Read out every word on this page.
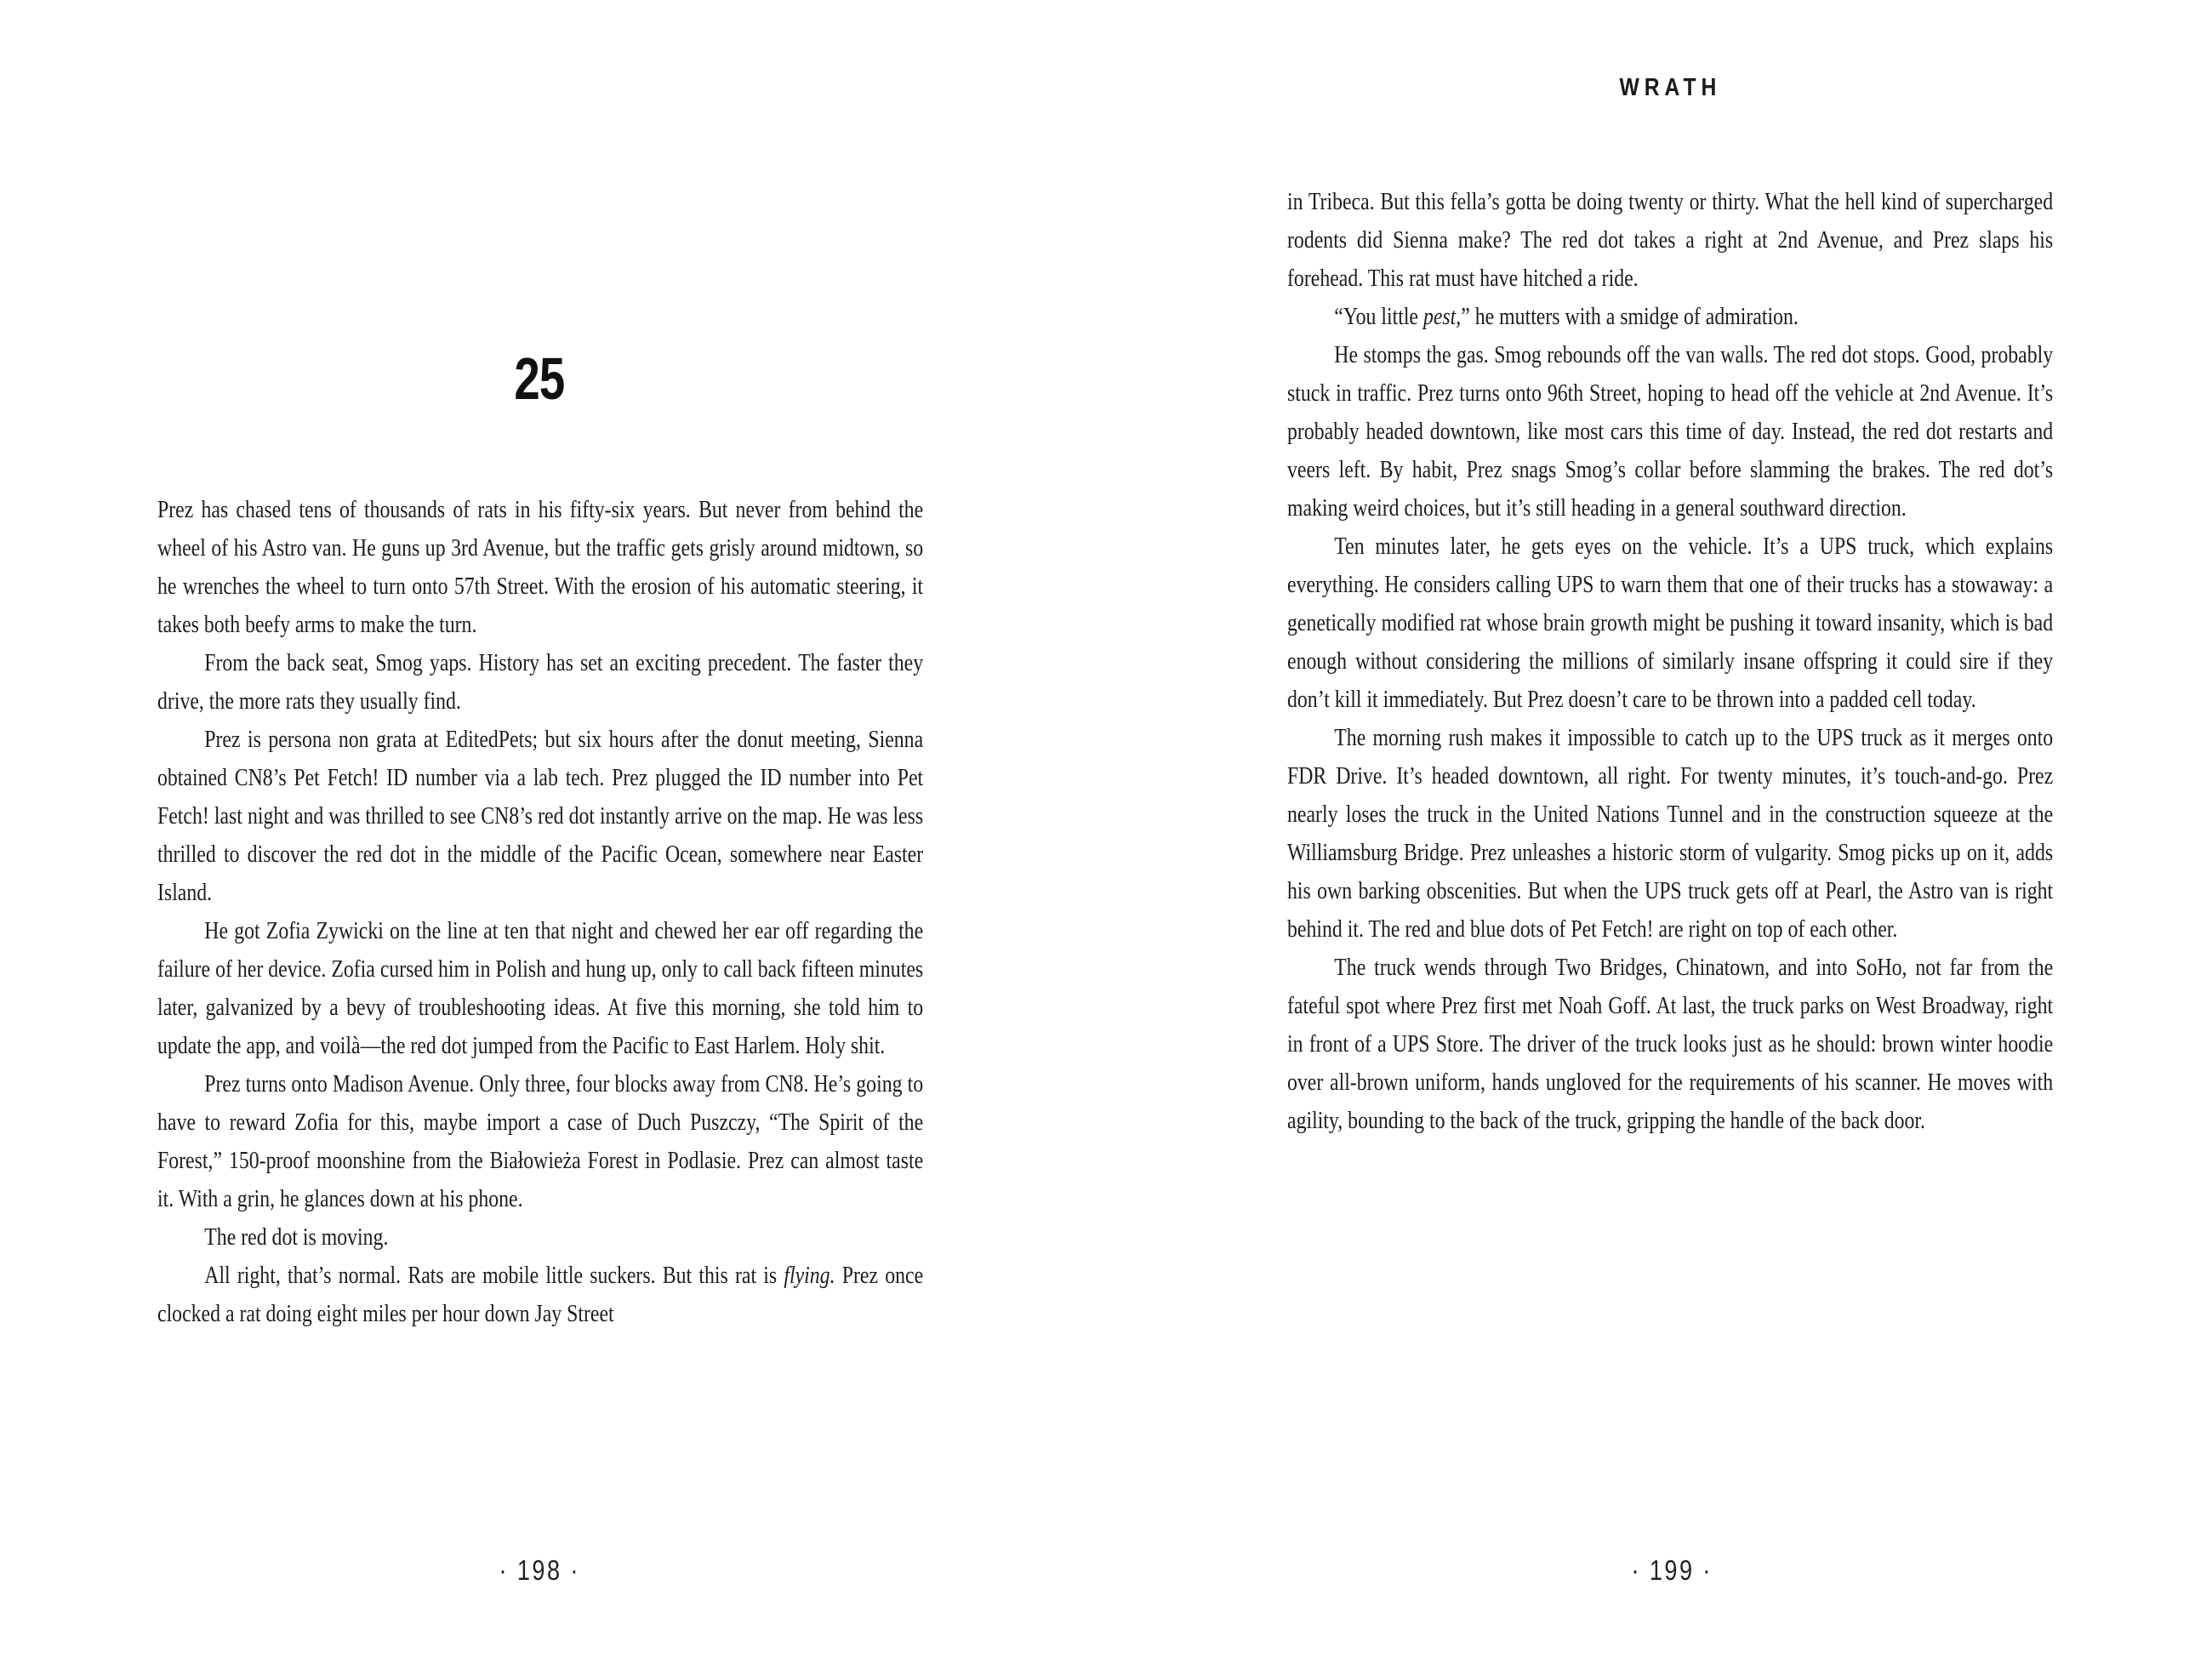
25

Prez has chased tens of thousands of rats in his fifty-six years. But never from behind the wheel of his Astro van. He guns up 3rd Avenue, but the traffic gets grisly around midtown, so he wrenches the wheel to turn onto 57th Street. With the erosion of his automatic steering, it takes both beefy arms to make the turn.

From the back seat, Smog yaps. History has set an exciting precedent. The faster they drive, the more rats they usually find.

Prez is persona non grata at EditedPets; but six hours after the donut meeting, Sienna obtained CN8’s Pet Fetch! ID number via a lab tech. Prez plugged the ID number into Pet Fetch! last night and was thrilled to see CN8’s red dot instantly arrive on the map. He was less thrilled to discover the red dot in the middle of the Pacific Ocean, somewhere near Easter Island.

He got Zofia Zywicki on the line at ten that night and chewed her ear off regarding the failure of her device. Zofia cursed him in Polish and hung up, only to call back fifteen minutes later, galvanized by a bevy of troubleshooting ideas. At five this morning, she told him to update the app, and voilà—the red dot jumped from the Pacific to East Harlem. Holy shit.

Prez turns onto Madison Avenue. Only three, four blocks away from CN8. He’s going to have to reward Zofia for this, maybe import a case of Duch Puszczy, “The Spirit of the Forest,” 150-proof moonshine from the Białowieża Forest in Podlasie. Prez can almost taste it. With a grin, he glances down at his phone.

The red dot is moving.

All right, that’s normal. Rats are mobile little suckers. But this rat is flying. Prez once clocked a rat doing eight miles per hour down Jay Street

· 198 ·
WRATH

in Tribeca. But this fella’s gotta be doing twenty or thirty. What the hell kind of supercharged rodents did Sienna make? The red dot takes a right at 2nd Avenue, and Prez slaps his forehead. This rat must have hitched a ride.

“You little pest,” he mutters with a smidge of admiration.

He stomps the gas. Smog rebounds off the van walls. The red dot stops. Good, probably stuck in traffic. Prez turns onto 96th Street, hoping to head off the vehicle at 2nd Avenue. It’s probably headed downtown, like most cars this time of day. Instead, the red dot restarts and veers left. By habit, Prez snags Smog’s collar before slamming the brakes. The red dot’s making weird choices, but it’s still heading in a general southward direction.

Ten minutes later, he gets eyes on the vehicle. It’s a UPS truck, which explains everything. He considers calling UPS to warn them that one of their trucks has a stowaway: a genetically modified rat whose brain growth might be pushing it toward insanity, which is bad enough without considering the millions of similarly insane offspring it could sire if they don’t kill it immediately. But Prez doesn’t care to be thrown into a padded cell today.

The morning rush makes it impossible to catch up to the UPS truck as it merges onto FDR Drive. It’s headed downtown, all right. For twenty minutes, it’s touch-and-go. Prez nearly loses the truck in the United Nations Tunnel and in the construction squeeze at the Williamsburg Bridge. Prez unleashes a historic storm of vulgarity. Smog picks up on it, adds his own barking obscenities. But when the UPS truck gets off at Pearl, the Astro van is right behind it. The red and blue dots of Pet Fetch! are right on top of each other.

The truck wends through Two Bridges, Chinatown, and into SoHo, not far from the fateful spot where Prez first met Noah Goff. At last, the truck parks on West Broadway, right in front of a UPS Store. The driver of the truck looks just as he should: brown winter hoodie over all-brown uniform, hands ungloved for the requirements of his scanner. He moves with agility, bounding to the back of the truck, gripping the handle of the back door.

· 199 ·
